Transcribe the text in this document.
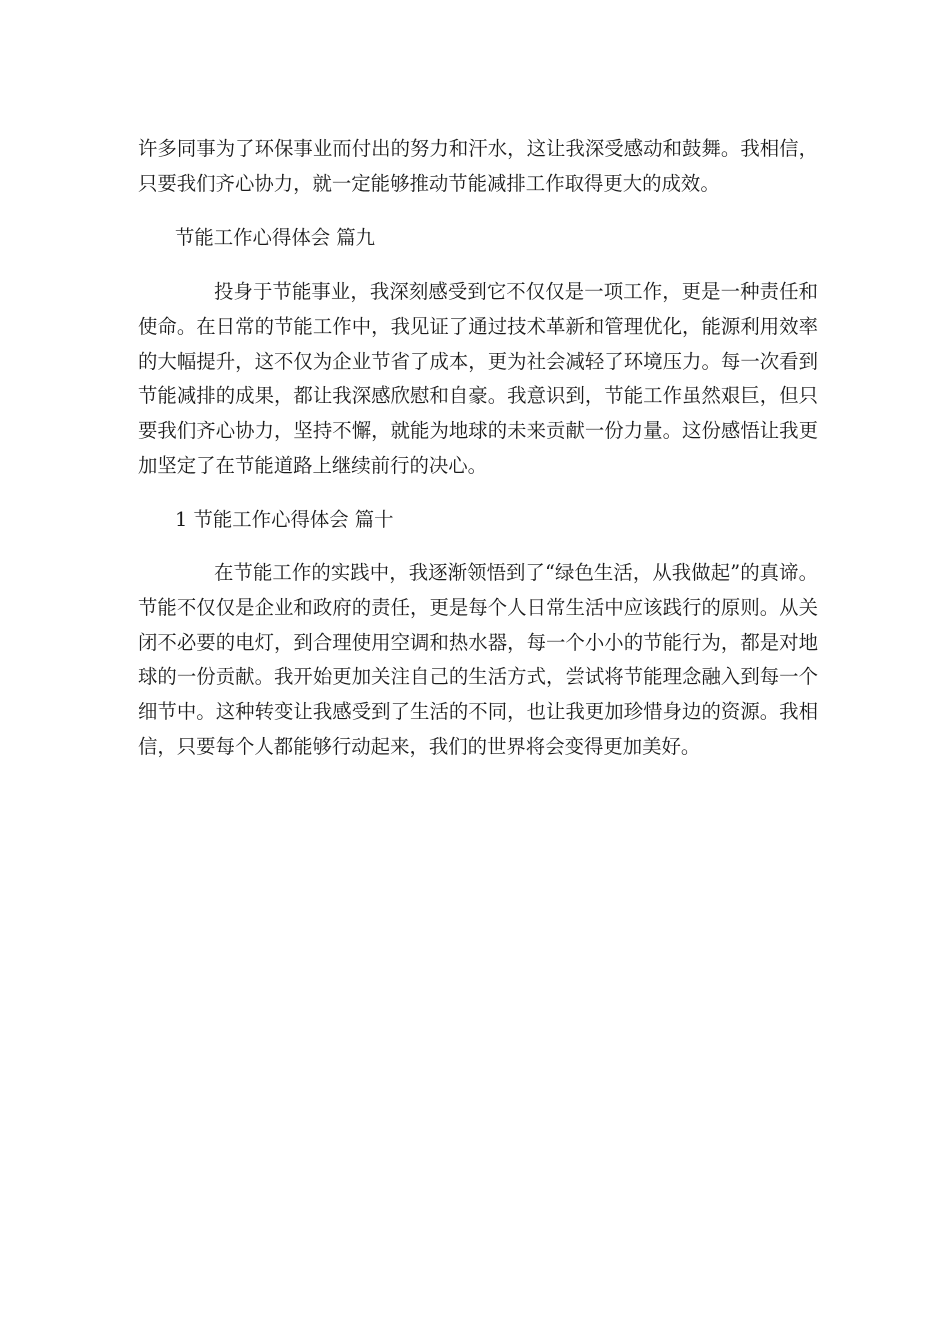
许多同事为了环保事业而付出的努力和汗水，这让我深受感动和鼓舞。我相信，

只要我们齐心协力，就一定能够推动节能减排工作取得更大的成效。

节能工作心得体会 篇九

投身于节能事业，我深刻感受到它不仅仅是一项工作，更是一种责任和

使命。在日常的节能工作中，我见证了通过技术革新和管理优化，能源利用效率

的大幅提升，这不仅为企业节省了成本，更为社会减轻了环境压力。每一次看到

节能减排的成果，都让我深感欣慰和自豪。我意识到，节能工作虽然艰巨，但只

要我们齐心协力，坚持不懈，就能为地球的未来贡献一份力量。这份感悟让我更

加坚定了在节能道路上继续前行的决心。

1 节能工作心得体会 篇十

在节能工作的实践中，我逐渐领悟到了“绿色生活，从我做起”的真谛。

节能不仅仅是企业和政府的责任，更是每个人日常生活中应该践行的原则。从关

闭不必要的电灯，到合理使用空调和热水器，每一个小小的节能行为，都是对地

球的一份贡献。我开始更加关注自己的生活方式，尝试将节能理念融入到每一个

细节中。这种转变让我感受到了生活的不同，也让我更加珍惜身边的资源。我相

信，只要每个人都能够行动起来，我们的世界将会变得更加美好。
